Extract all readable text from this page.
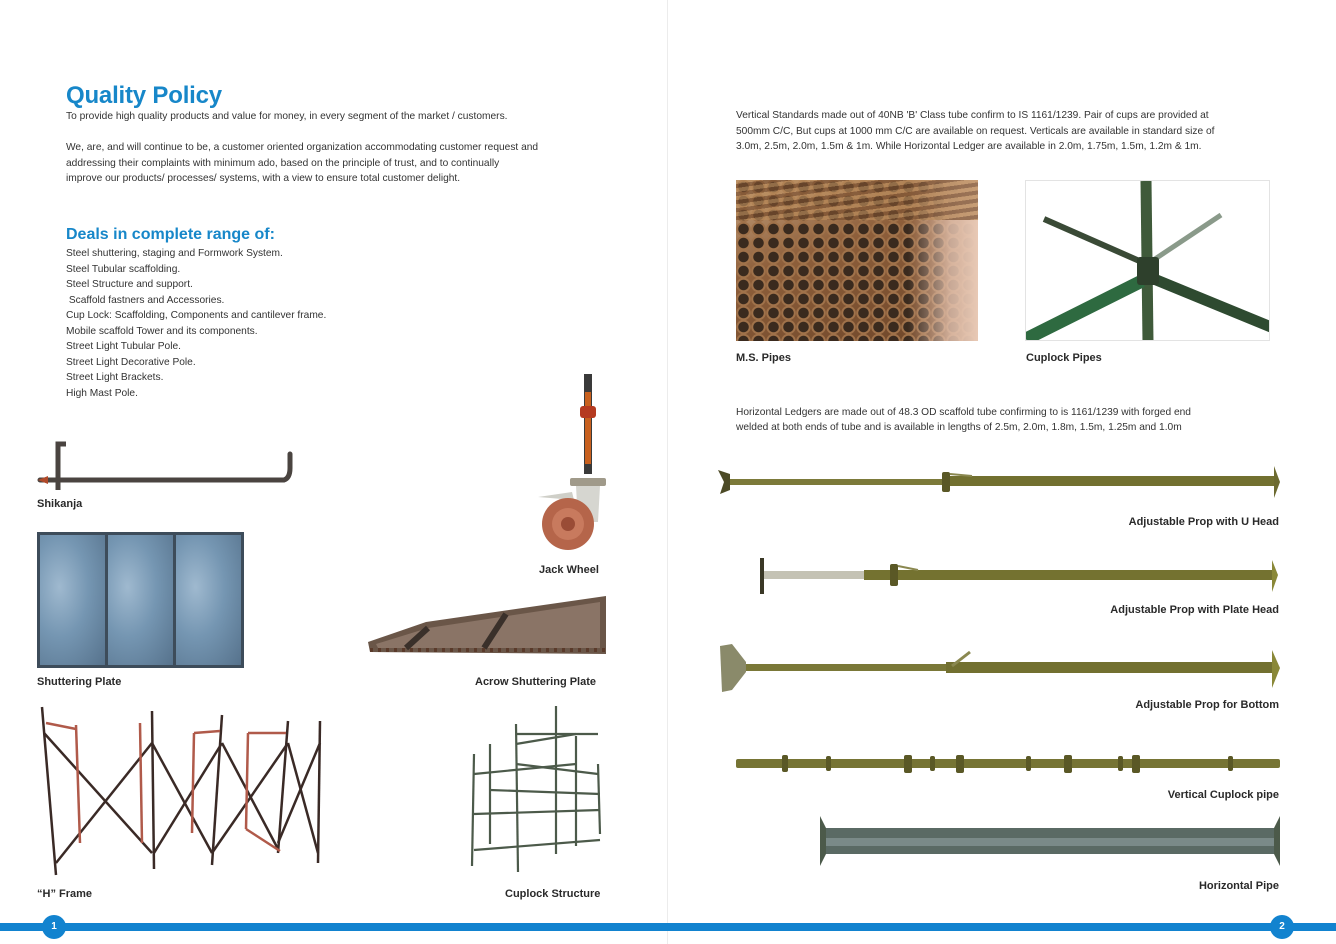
Quality Policy
To provide high quality products and value for money, in every segment of the market / customers.
We, are, and will continue to be, a customer oriented organization accommodating customer request and
addressing their complaints with minimum ado, based on the principle of trust, and to continually
improve our products/ processes/ systems, with a view to ensure total customer delight.
Deals in complete range of:
Steel shuttering, staging and Formwork System.
Steel Tubular scaffolding.
Steel Structure and support.
Scaffold fastners and Accessories.
Cup Lock: Scaffolding, Components and cantilever frame.
Mobile scaffold Tower and its components.
Street Light Tubular Pole.
Street Light Decorative Pole.
Street Light Brackets.
High Mast Pole.
Shikanja
Jack Wheel
Shuttering Plate	Acrow Shuttering Plate
“H” Frame	Cuplock Structure
Vertical Standards made out of 40NB 'B' Class tube confirm to IS 1161/1239. Pair of cups are provided at
500mm C/C, But cups at 1000 mm C/C are available on request. Verticals are available in standard size of
3.0m, 2.5m, 2.0m, 1.5m & 1m. While Horizontal Ledger are available in 2.0m, 1.75m, 1.5m, 1.2m & 1m.
M.S. Pipes	Cuplock Pipes
Horizontal Ledgers are made out of 48.3 OD scaffold tube confirming to is 1161/1239 with forged end
welded at both ends of tube and is available in lengths of 2.5m, 2.0m, 1.8m, 1.5m, 1.25m and 1.0m
Adjustable Prop with U Head
Adjustable Prop with Plate Head
Adjustable Prop for Bottom
Vertical Cuplock pipe
Horizontal Pipe
1	2
